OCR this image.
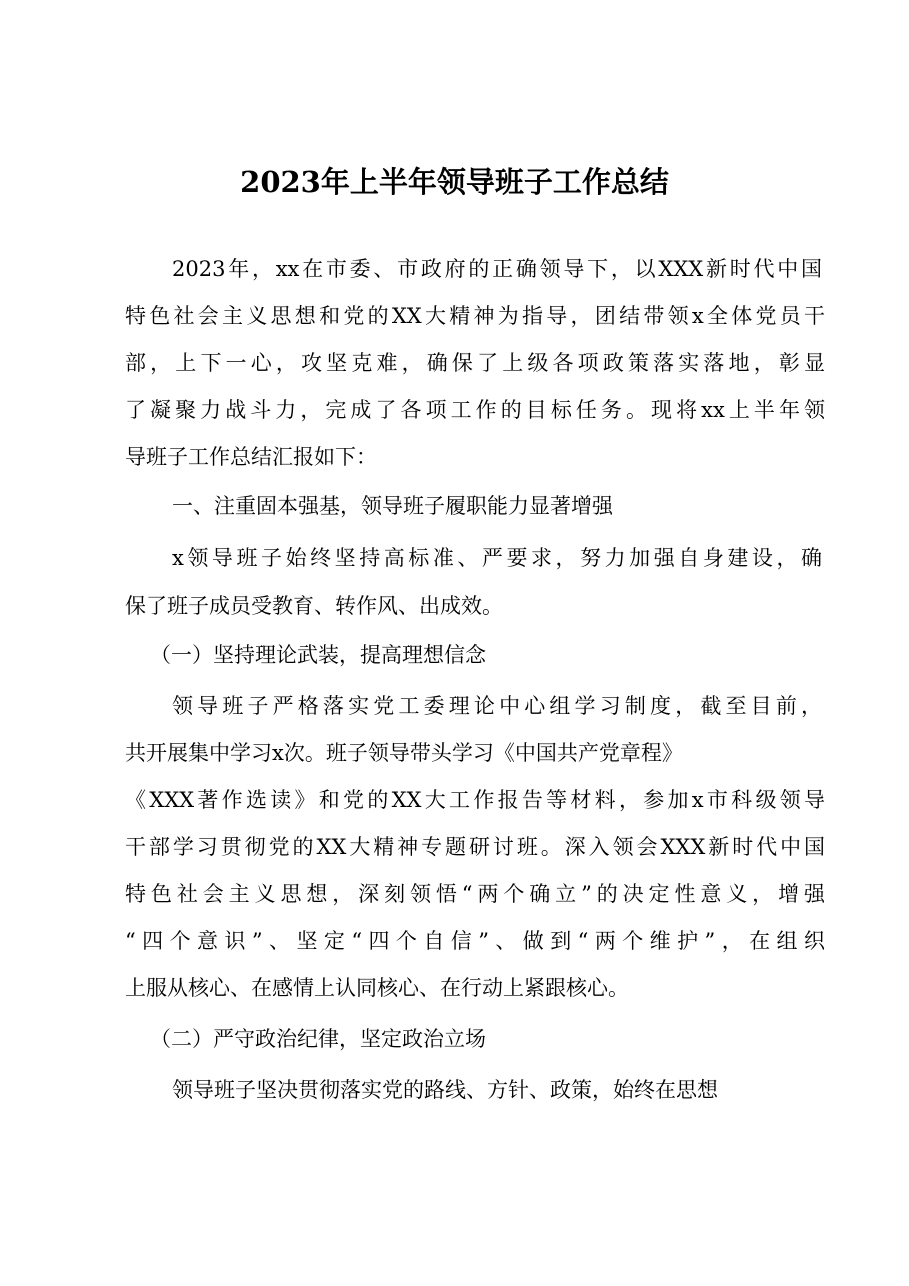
2023年上半年领导班子工作总结

2023年，xx在市委、市政府的正确领导下，以XXX新时代中国

特色社会主义思想和党的XX大精神为指导，团结带领x全体党员干

部，上下一心，攻坚克难，确保了上级各项政策落实落地，彰显

了凝聚力战斗力，完成了各项工作的目标任务。现将xx上半年领

导班子工作总结汇报如下：

一、注重固本强基，领导班子履职能力显著增强

x领导班子始终坚持高标准、严要求，努力加强自身建设，确

保了班子成员受教育、转作风、出成效。

（一）坚持理论武装，提高理想信念

领导班子严格落实党工委理论中心组学习制度，截至目前，

共开展集中学习x次。班子领导带头学习《中国共产党章程》

《XXX著作选读》和党的XX大工作报告等材料，参加x市科级领导

干部学习贯彻党的XX大精神专题研讨班。深入领会XXX新时代中国

特色社会主义思想，深刻领悟“两个确立”的决定性意义，增强

“四个意识”、坚定“四个自信”、做到“两个维护”，在组织

上服从核心、在感情上认同核心、在行动上紧跟核心。

（二）严守政治纪律，坚定政治立场

领导班子坚决贯彻落实党的路线、方针、政策，始终在思想
